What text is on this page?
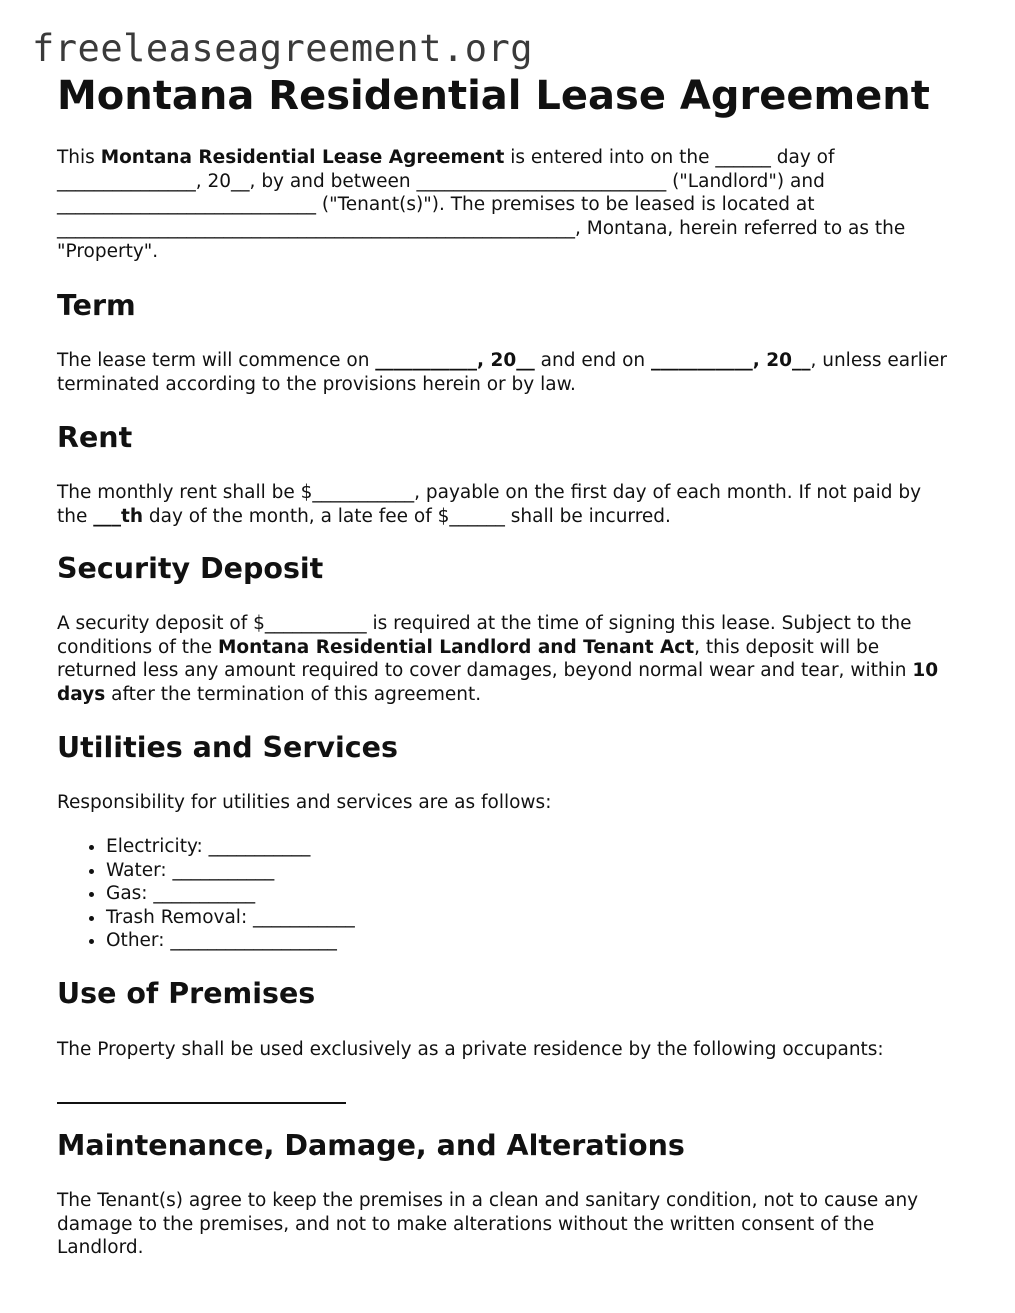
freeleaseagreement.org
Montana Residential Lease Agreement

This Montana Residential Lease Agreement is entered into on the ______ day of _______________, 20__, by and between ___________________________ ("Landlord") and ____________________________ ("Tenant(s)"). The premises to be leased is located at ________________________________________________________, Montana, herein referred to as the "Property".

Term

The lease term will commence on ___________, 20__ and end on ___________, 20__, unless earlier terminated according to the provisions herein or by law.

Rent

The monthly rent shall be $___________, payable on the first day of each month. If not paid by the ___th day of the month, a late fee of $______ shall be incurred.

Security Deposit

A security deposit of $___________ is required at the time of signing this lease. Subject to the conditions of the Montana Residential Landlord and Tenant Act, this deposit will be returned less any amount required to cover damages, beyond normal wear and tear, within 10 days after the termination of this agreement.

Utilities and Services

Responsibility for utilities and services are as follows:

• Electricity: ___________
• Water: ___________
• Gas: ___________
• Trash Removal: ___________
• Other: __________________
Use of Premises

The Property shall be used exclusively as a private residence by the following occupants:

Maintenance, Damage, and Alterations

The Tenant(s) agree to keep the premises in a clean and sanitary condition, not to cause any damage to the premises, and not to make alterations without the written consent of the Landlord.
